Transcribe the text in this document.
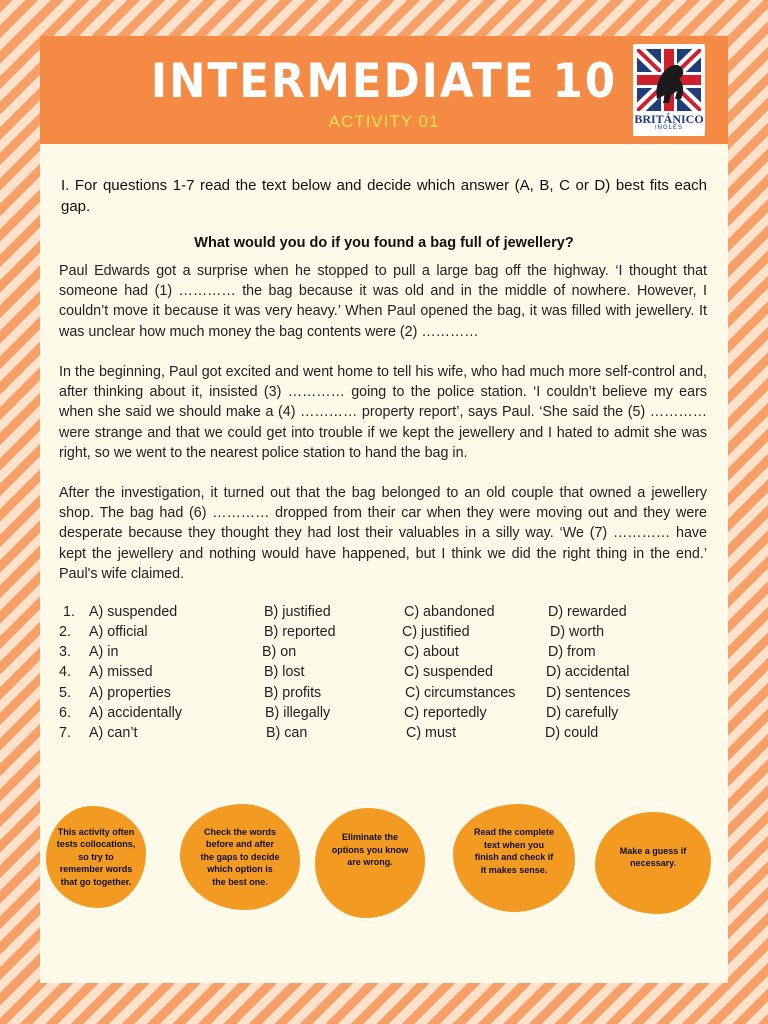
INTERMEDIATE 10
ACTIVITY 01	BRITÁNICO
INGLÉS
I. For questions 1-7 read the text below and decide which answer (A, B, C or D) best fits each gap.
What would you do if you found a bag full of jewellery?
Paul Edwards got a surprise when he stopped to pull a large bag off the highway. ‘I thought that someone had (1) ………… the bag because it was old and in the middle of nowhere. However, I couldn’t move it because it was very heavy.’ When Paul opened the bag, it was filled with jewellery. It was unclear how much money the bag contents were (2) …………
In the beginning, Paul got excited and went home to tell his wife, who had much more self-control and, after thinking about it, insisted (3) ………… going to the police station. ‘I couldn’t believe my ears when she said we should make a (4) ………… property report’, says Paul. ‘She said the (5) ………… were strange and that we could get into trouble if we kept the jewellery and I hated to admit she was right, so we went to the nearest police station to hand the bag in.
After the investigation, it turned out that the bag belonged to an old couple that owned a jewellery shop. The bag had (6) ………… dropped from their car when they were moving out and they were desperate because they thought they had lost their valuables in a silly way. ‘We (7) ………… have kept the jewellery and nothing would have happened, but I think we did the right thing in the end.’ Paul's wife claimed.
1. A) suspended	B) justified	C) abandoned	D) rewarded
2. A) official	B) reported	C) justified	D) worth
3. A) in	B) on	C) about	D) from
4. A) missed	B) lost	C) suspended	D) accidental
5. A) properties	B) profits	C) circumstances D) sentences
6. A) accidentally	B) illegally	C) reportedly	D) carefully
7. A) can’t	B) can	C) must	D) could
This activity often
tests collocations,
so try to
remember words
that go together.
Check the words
before and after
the gaps to decide
which option is
the best one.
Eliminate the
options you know
are wrong.
Read the complete
text when you
finish and check if
it makes sense.
Make a guess if
necessary.
